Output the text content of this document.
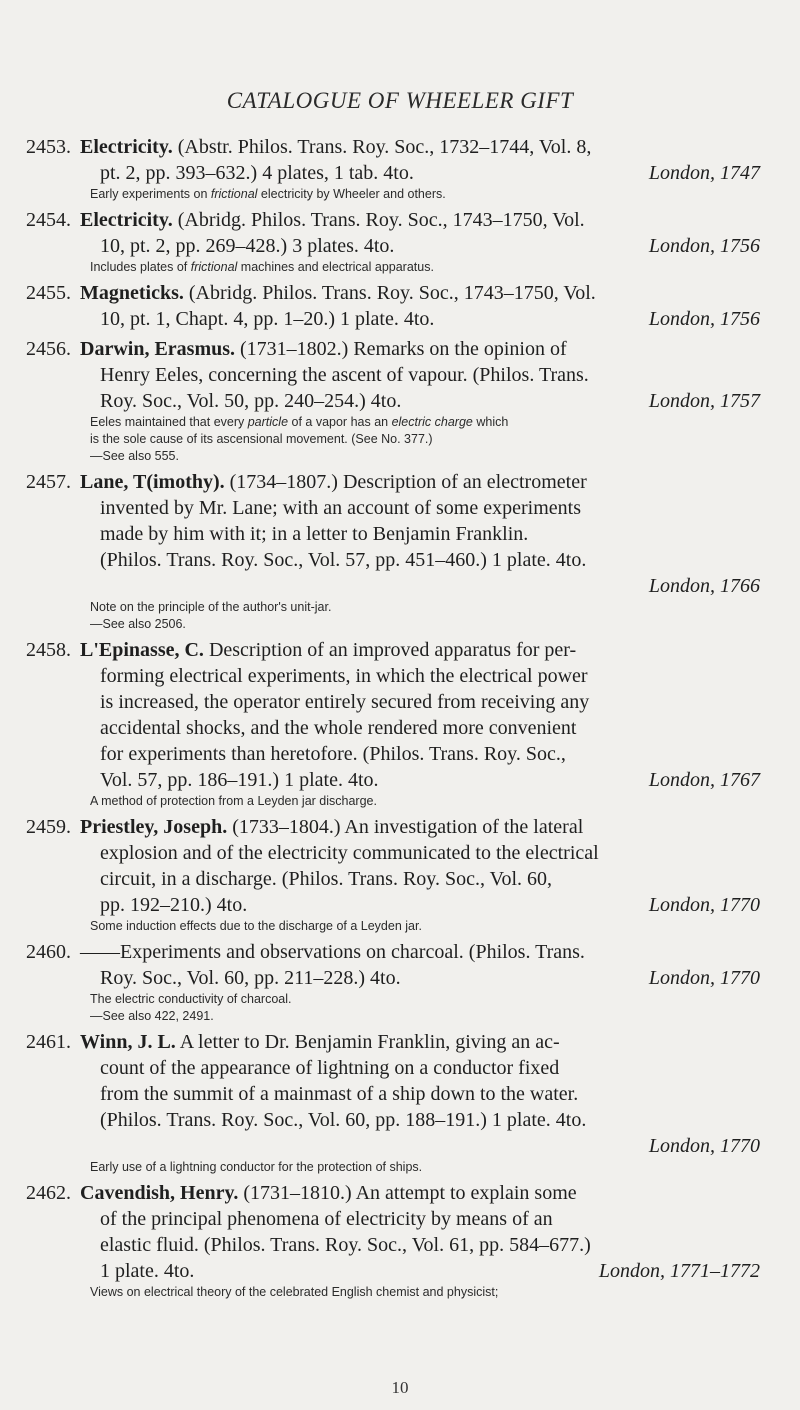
CATALOGUE OF WHEELER GIFT
2453. Electricity. (Abstr. Philos. Trans. Roy. Soc., 1732–1744, Vol. 8,
pt. 2, pp. 393–632.) 4 plates, 1 tab. 4to.	London, 1747
Early experiments on frictional electricity by Wheeler and others.
2454. Electricity. (Abridg. Philos. Trans. Roy. Soc., 1743–1750, Vol.
10, pt. 2, pp. 269–428.) 3 plates. 4to.	London, 1756
Includes plates of frictional machines and electrical apparatus.
2455. Magneticks. (Abridg. Philos. Trans. Roy. Soc., 1743–1750, Vol.
10, pt. 1, Chapt. 4, pp. 1–20.) 1 plate. 4to.	London, 1756
2456. Darwin, Erasmus. (1731–1802.) Remarks on the opinion of
Henry Eeles, concerning the ascent of vapour. (Philos. Trans.
Roy. Soc., Vol. 50, pp. 240–254.) 4to.	London, 1757
Eeles maintained that every particle of a vapor has an electric charge which
is the sole cause of its ascensional movement. (See No. 377.)
—See also 555.
2457. Lane, T(imothy). (1734–1807.) Description of an electrometer
invented by Mr. Lane; with an account of some experiments
made by him with it; in a letter to Benjamin Franklin.
(Philos. Trans. Roy. Soc., Vol. 57, pp. 451–460.) 1 plate. 4to.
London, 1766
Note on the principle of the author's unit-jar.
—See also 2506.
2458. L'Epinasse, C. Description of an improved apparatus for per-
forming electrical experiments, in which the electrical power
is increased, the operator entirely secured from receiving any
accidental shocks, and the whole rendered more convenient
for experiments than heretofore. (Philos. Trans. Roy. Soc.,
Vol. 57, pp. 186–191.) 1 plate. 4to.	London, 1767
A method of protection from a Leyden jar discharge.
2459. Priestley, Joseph. (1733–1804.) An investigation of the lateral
explosion and of the electricity communicated to the electrical
circuit, in a discharge. (Philos. Trans. Roy. Soc., Vol. 60,
pp. 192–210.) 4to.	London, 1770
Some induction effects due to the discharge of a Leyden jar.
2460. ——Experiments and observations on charcoal. (Philos. Trans.
Roy. Soc., Vol. 60, pp. 211–228.) 4to.	London, 1770
The electric conductivity of charcoal.
—See also 422, 2491.
2461. Winn, J. L. A letter to Dr. Benjamin Franklin, giving an ac-
count of the appearance of lightning on a conductor fixed
from the summit of a mainmast of a ship down to the water.
(Philos. Trans. Roy. Soc., Vol. 60, pp. 188–191.) 1 plate. 4to.
London, 1770
Early use of a lightning conductor for the protection of ships.
2462. Cavendish, Henry. (1731–1810.) An attempt to explain some
of the principal phenomena of electricity by means of an
elastic fluid. (Philos. Trans. Roy. Soc., Vol. 61, pp. 584–677.)
1 plate. 4to.	London, 1771–1772
Views on electrical theory of the celebrated English chemist and physicist;
10
